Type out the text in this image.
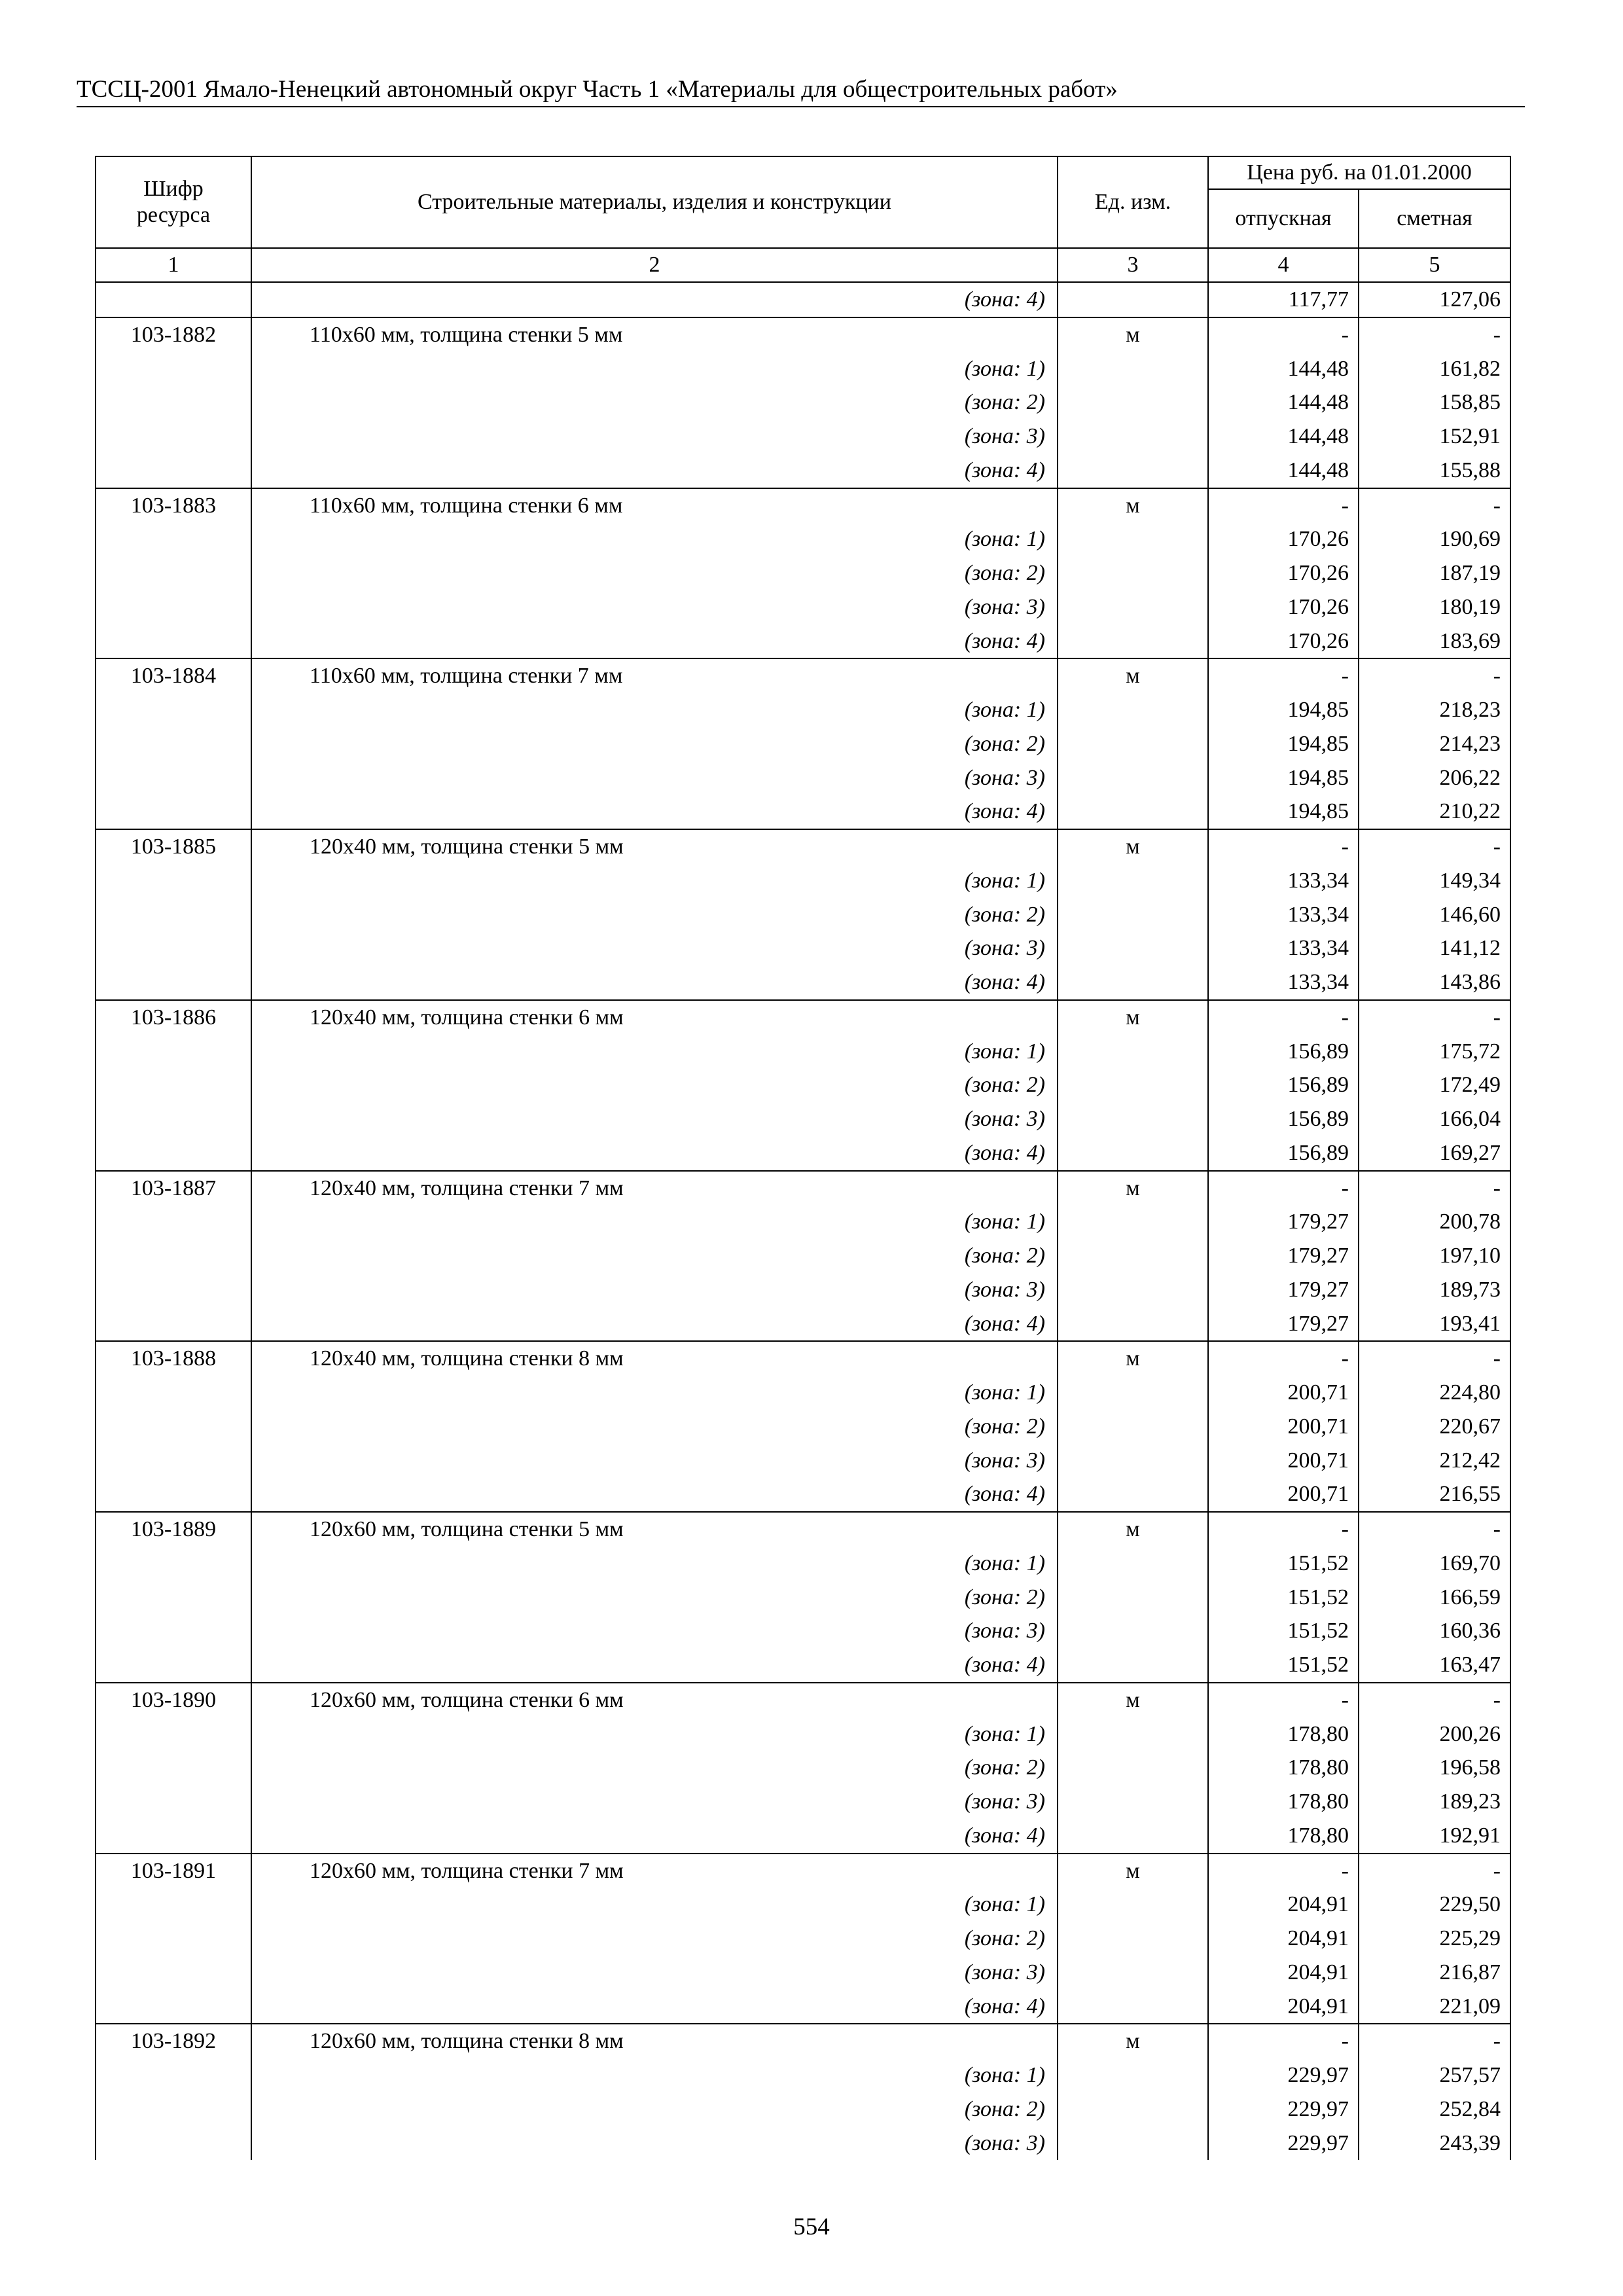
ТССЦ-2001 Ямало-Ненецкий автономный округ Часть 1 «Материалы для общестроительных работ»
Шифр ресурса	Строительные материалы, изделия и конструкции	Ед. изм.	Цена руб. на 01.01.2000	
			отпускная	сметная
1	2	3	4	5
	(зона: 4)		117,77	127,06
103-1882	110х60 мм, толщина стенки 5 мм	м	-	-
	(зона: 1)		144,48	161,82
	(зона: 2)		144,48	158,85
	(зона: 3)		144,48	152,91
	(зона: 4)		144,48	155,88
103-1883	110х60 мм, толщина стенки 6 мм	м	-	-
	(зона: 1)		170,26	190,69
	(зона: 2)		170,26	187,19
	(зона: 3)		170,26	180,19
	(зона: 4)		170,26	183,69
103-1884	110х60 мм, толщина стенки 7 мм	м	-	-
	(зона: 1)		194,85	218,23
	(зона: 2)		194,85	214,23
	(зона: 3)		194,85	206,22
	(зона: 4)		194,85	210,22
103-1885	120х40 мм, толщина стенки 5 мм	м	-	-
	(зона: 1)		133,34	149,34
	(зона: 2)		133,34	146,60
	(зона: 3)		133,34	141,12
	(зона: 4)		133,34	143,86
103-1886	120х40 мм, толщина стенки 6 мм	м	-	-
	(зона: 1)		156,89	175,72
	(зона: 2)		156,89	172,49
	(зона: 3)		156,89	166,04
	(зона: 4)		156,89	169,27
103-1887	120х40 мм, толщина стенки 7 мм	м	-	-
	(зона: 1)		179,27	200,78
	(зона: 2)		179,27	197,10
	(зона: 3)		179,27	189,73
	(зона: 4)		179,27	193,41
103-1888	120х40 мм, толщина стенки 8 мм	м	-	-
	(зона: 1)		200,71	224,80
	(зона: 2)		200,71	220,67
	(зона: 3)		200,71	212,42
	(зона: 4)		200,71	216,55
103-1889	120х60 мм, толщина стенки 5 мм	м	-	-
	(зона: 1)		151,52	169,70
	(зона: 2)		151,52	166,59
	(зона: 3)		151,52	160,36
	(зона: 4)		151,52	163,47
103-1890	120х60 мм, толщина стенки 6 мм	м	-	-
	(зона: 1)		178,80	200,26
	(зона: 2)		178,80	196,58
	(зона: 3)		178,80	189,23
	(зона: 4)		178,80	192,91
103-1891	120х60 мм, толщина стенки 7 мм	м	-	-
	(зона: 1)		204,91	229,50
	(зона: 2)		204,91	225,29
	(зона: 3)		204,91	216,87
	(зона: 4)		204,91	221,09
103-1892	120х60 мм, толщина стенки 8 мм	м	-	-
	(зона: 1)		229,97	257,57
	(зона: 2)		229,97	252,84
	(зона: 3)		229,97	243,39
554
